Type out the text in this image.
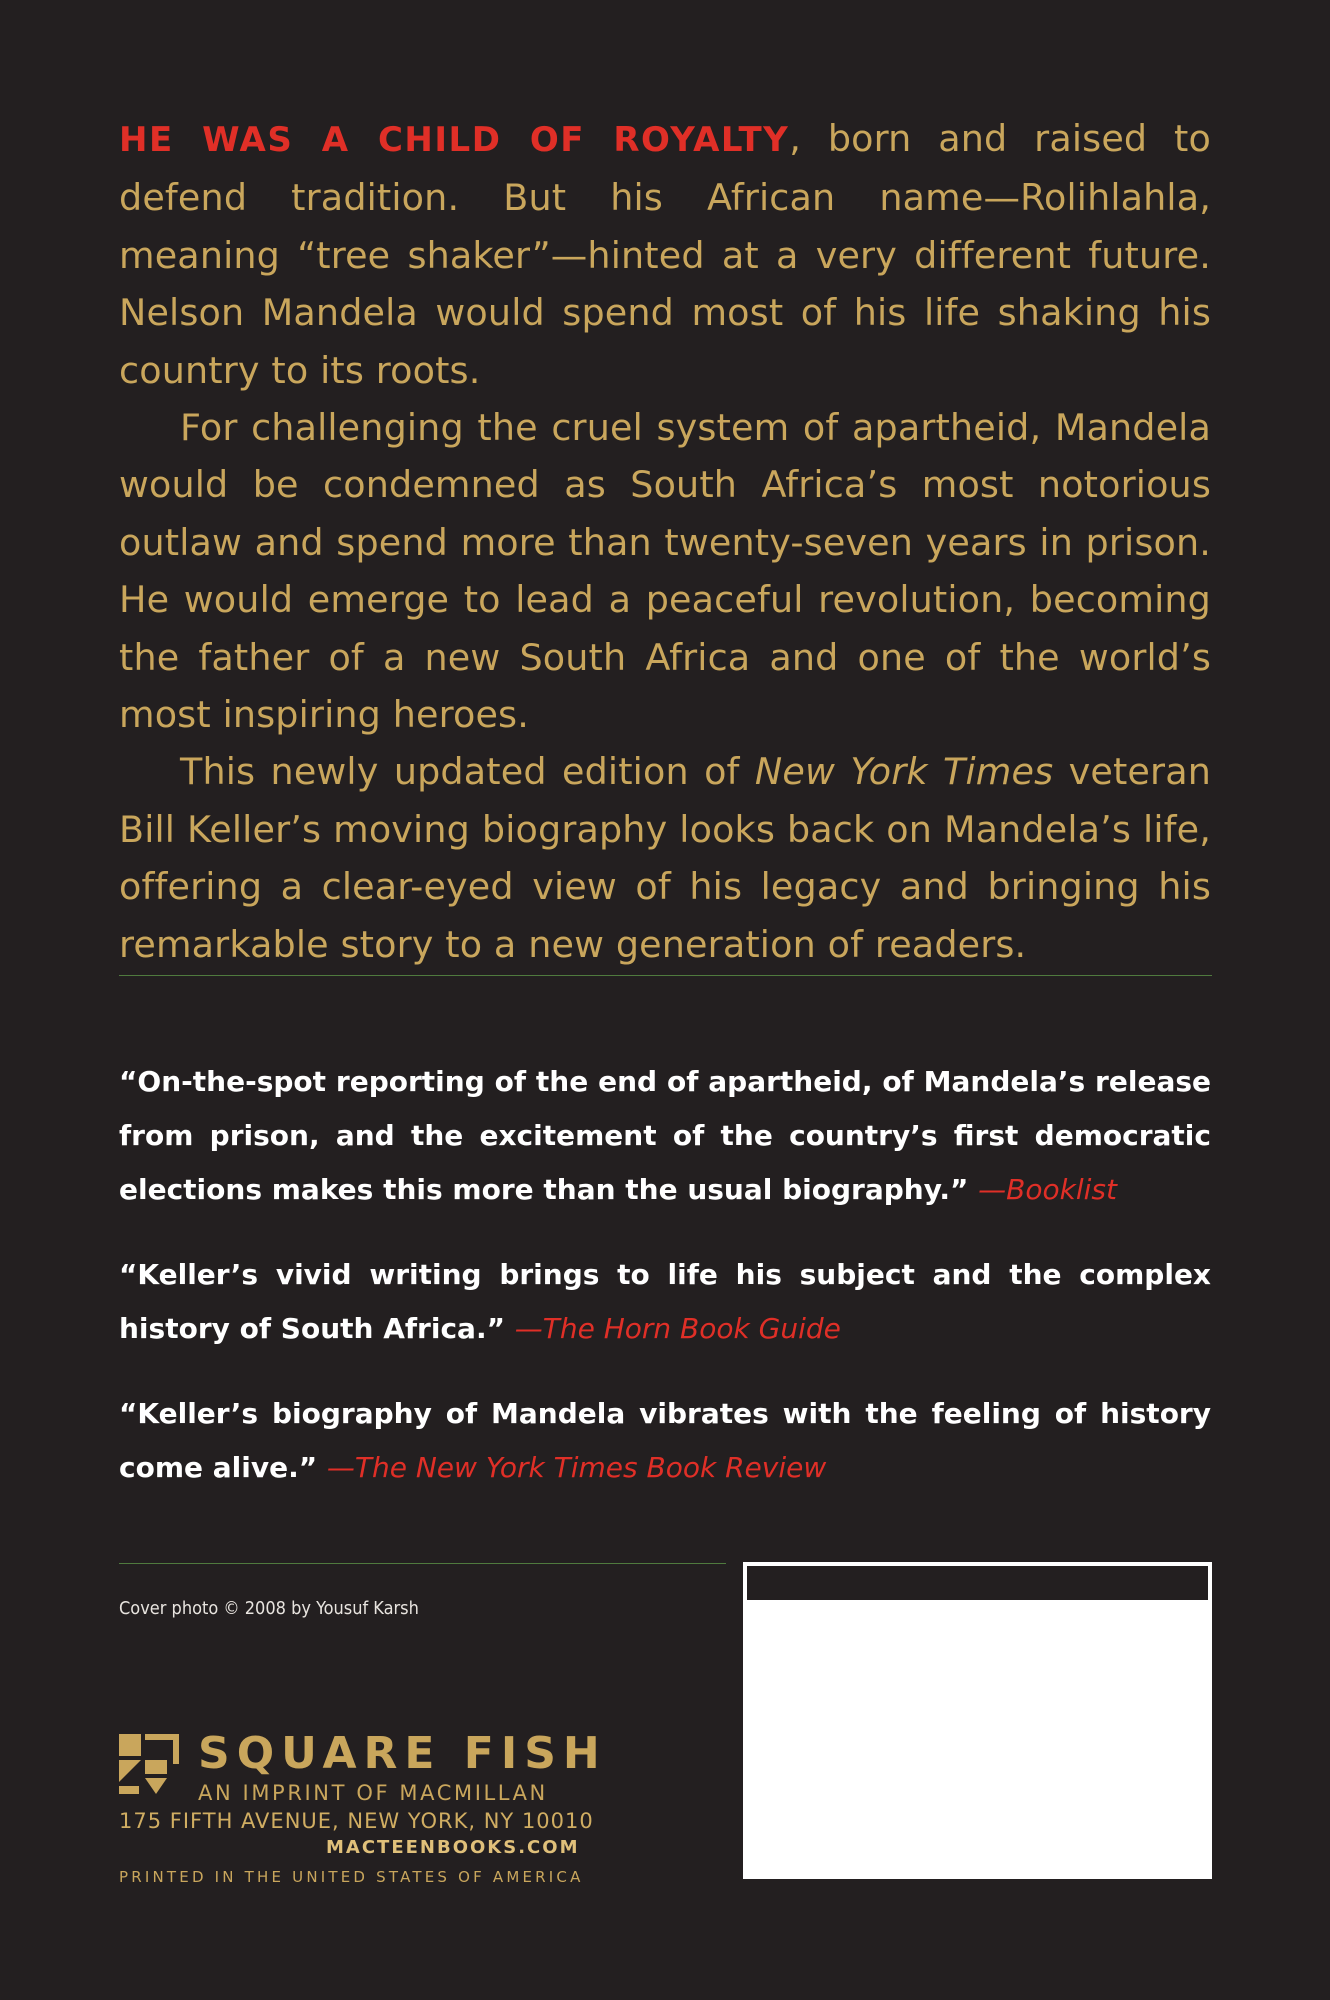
HE WAS A CHILD OF ROYALTY, born and raised to defend tradition. But his African name—Rolihlahla, meaning “tree shaker”—hinted at a very different future. Nelson Mandela would spend most of his life shaking his country to its roots.

For challenging the cruel system of apartheid, Mandela would be condemned as South Africa’s most notorious outlaw and spend more than twenty-seven years in prison. He would emerge to lead a peaceful revolution, becoming the father of a new South Africa and one of the world’s most inspiring heroes.

This newly updated edition of New York Times veteran Bill Keller’s moving biography looks back on Mandela’s life, offering a clear-eyed view of his legacy and bringing his remarkable story to a new generation of readers.

“On-the-spot reporting of the end of apartheid, of Mandela’s release from prison, and the excitement of the country’s first democratic elections makes this more than the usual biography.” —Booklist

“Keller’s vivid writing brings to life his subject and the complex history of South Africa.” —The Horn Book Guide

“Keller’s biography of Mandela vibrates with the feeling of history come alive.” —The New York Times Book Review

Cover photo © 2008 by Yousuf Karsh
SQUARE FISH
AN IMPRINT OF MACMILLAN
175 FIFTH AVENUE, NEW YORK, NY 10010
MACTEENBOOKS.COM
PRINTED IN THE UNITED STATES OF AMERICA
